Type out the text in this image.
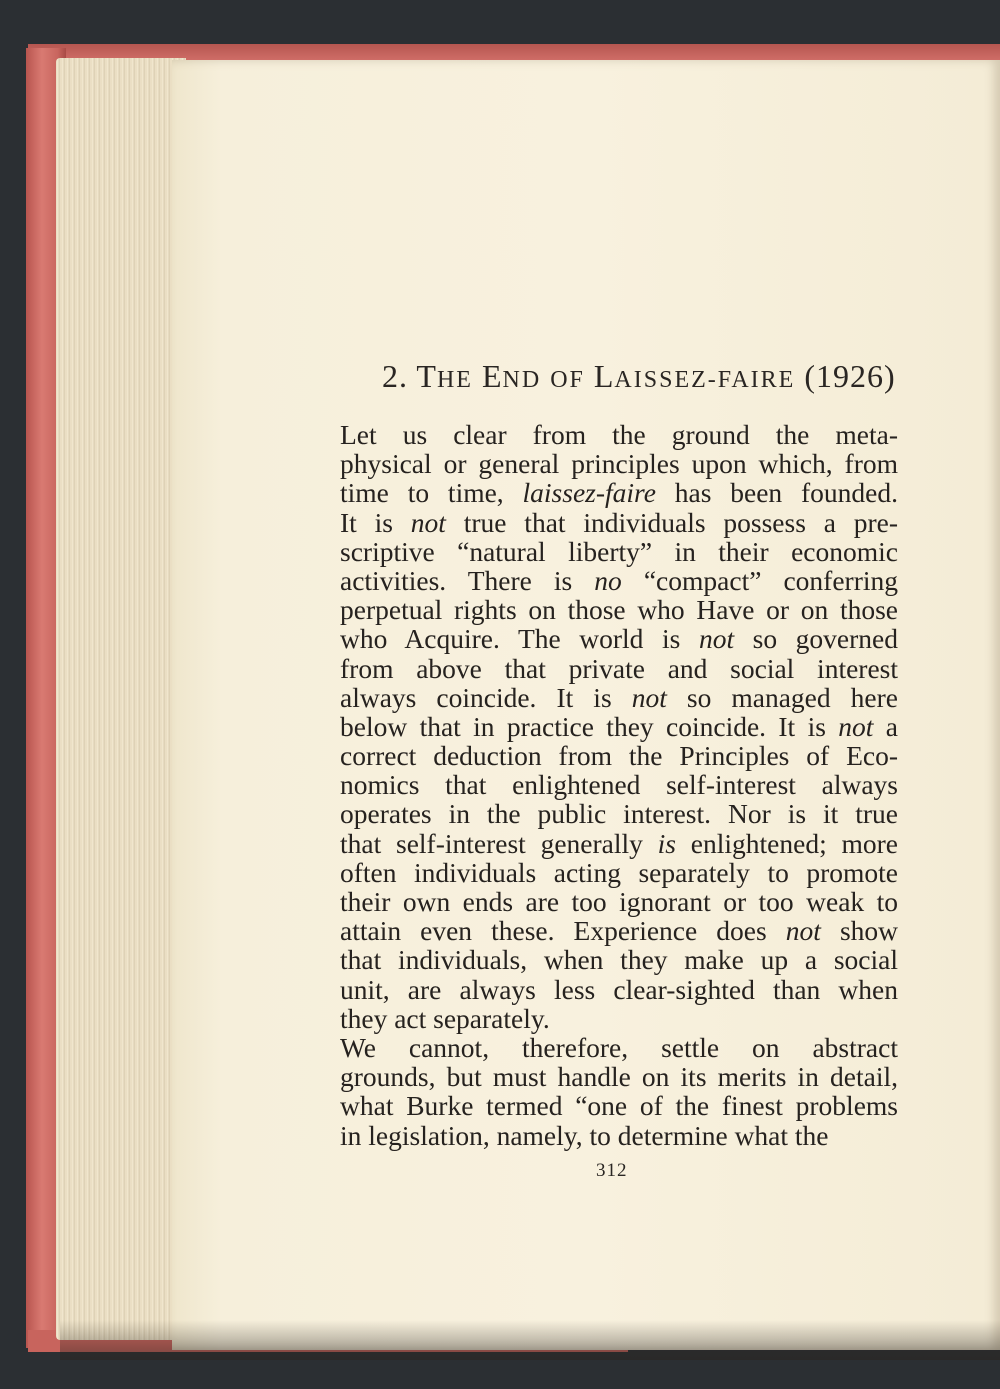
2. THE END OF LAISSEZ-FAIRE (1926)
Let us clear from the ground the meta-
physical or general principles upon which, from
time to time, laissez-faire has been founded.
It is not true that individuals possess a pre-
scriptive “natural liberty” in their economic
activities. There is no “compact” conferring
perpetual rights on those who Have or on those
who Acquire. The world is not so governed
from above that private and social interest
always coincide. It is not so managed here
below that in practice they coincide. It is not a
correct deduction from the Principles of Eco-
nomics that enlightened self-interest always
operates in the public interest. Nor is it true
that self-interest generally is enlightened; more
often individuals acting separately to promote
their own ends are too ignorant or too weak to
attain even these. Experience does not show
that individuals, when they make up a social
unit, are always less clear-sighted than when
they act separately.
We cannot, therefore, settle on abstract
grounds, but must handle on its merits in detail,
what Burke termed “one of the finest problems
in legislation, namely, to determine what the
312
